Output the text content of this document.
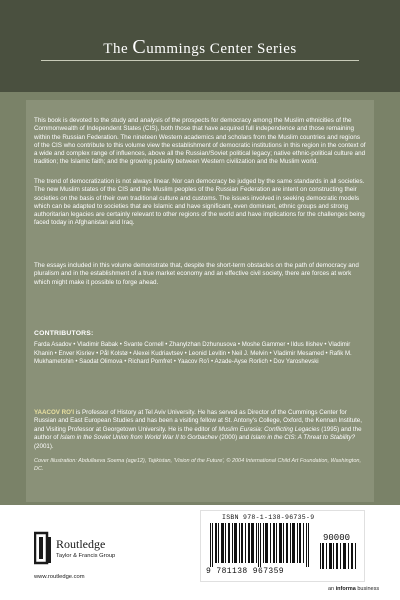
The Cummings Center Series
This book is devoted to the study and analysis of the prospects for democracy among the Muslim ethnicities of the Commonwealth of Independent States (CIS), both those that have acquired full independence and those remaining within the Russian Federation. The nineteen Western academics and scholars from the Muslim countries and regions of the CIS who contribute to this volume view the establishment of democratic institutions in this region in the context of a wide and complex range of influences, above all the Russian/Soviet political legacy; native ethnic-political culture and tradition; the Islamic faith; and the growing polarity between Western civilization and the Muslim world.
The trend of democratization is not always linear. Nor can democracy be judged by the same standards in all societies. The new Muslim states of the CIS and the Muslim peoples of the Russian Federation are intent on constructing their societies on the basis of their own traditional culture and customs. The issues involved in seeking democratic models which can be adapted to societies that are Islamic and have significant, even dominant, ethnic groups and strong authoritarian legacies are certainly relevant to other regions of the world and have implications for the challenges being faced today in Afghanistan and Iraq.
The essays included in this volume demonstrate that, despite the short-term obstacles on the path of democracy and pluralism and in the establishment of a true market economy and an effective civil society, there are forces at work which might make it possible to forge ahead.
CONTRIBUTORS:
Farda Asadov • Vladimir Babak • Svante Cornell • Zhanylzhan Dzhunusova • Moshe Gammer • Ildus Ilishev • Vladimir Khanin • Enver Kisriev • Pål Kolstø • Alexei Kudriavtsev • Leonid Levitin • Neil J. Melvin • Vladimir Mesamed • Rafik M. Mukhametshin • Saodat Olimova • Richard Pomfret • Yaacov Ro'i • Azade-Ayse Rorlich • Dov Yaroshevski
YAACOV RO'I is Professor of History at Tel Aviv University. He has served as Director of the Cummings Center for Russian and East European Studies and has been a visiting fellow at St. Antony's College, Oxford, the Kennan Institute, and Visiting Professor at Georgetown University. He is the editor of Muslim Eurasia: Conflicting Legacies (1995) and the author of Islam in the Soviet Union from World War II to Gorbachev (2000) and Islam in the CIS: A Threat to Stability? (2001).
Cover Illustration: Abdullaeva Soema (age12), Tajikistan, 'Vision of the Future', © 2004 International Child Art Foundation, Washington, DC.
ISBN 978-1-138-96735-9
9 781138 967359
90000
Routledge
Taylor & Francis Group
www.routledge.com
an informa business
